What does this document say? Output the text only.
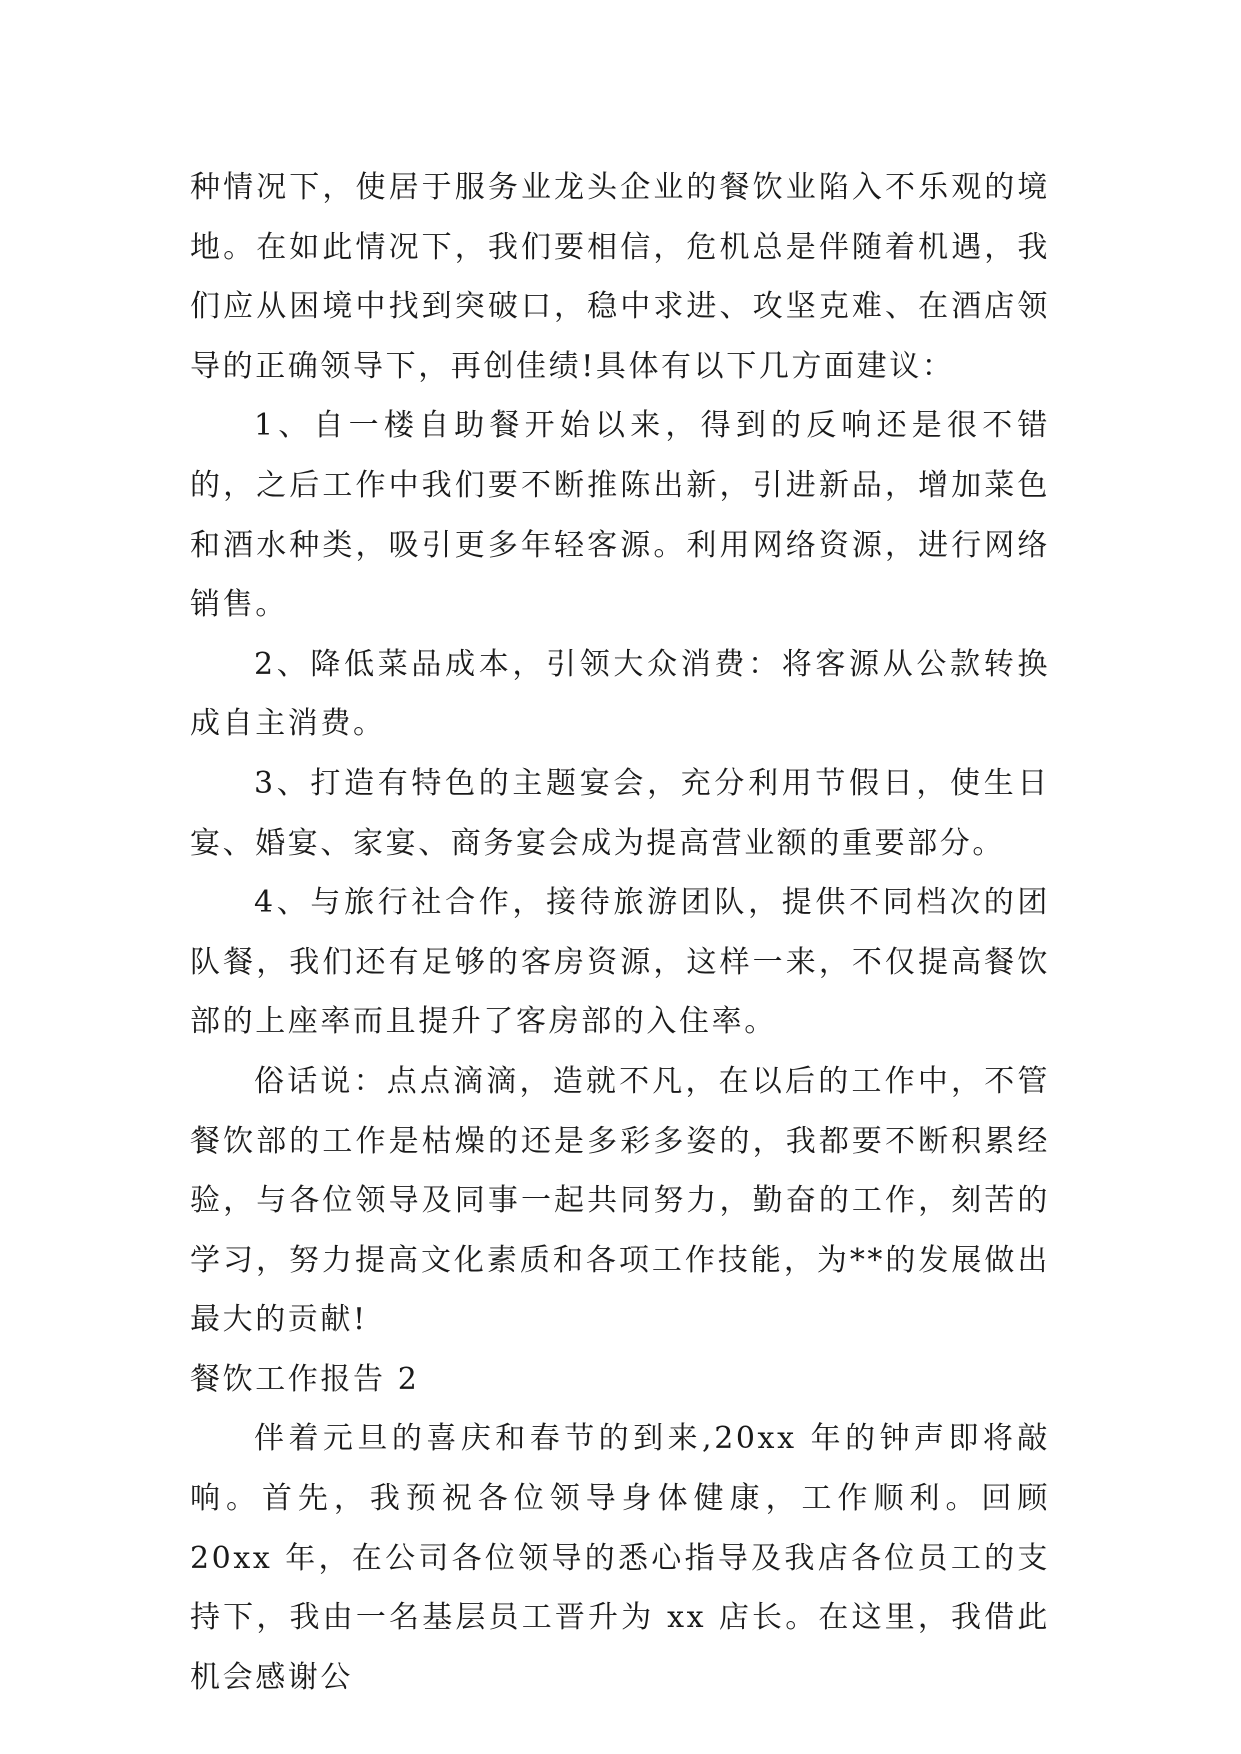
种情况下，使居于服务业龙头企业的餐饮业陷入不乐观的境地。在如此情况下，我们要相信，危机总是伴随着机遇，我们应从困境中找到突破口，稳中求进、攻坚克难、在酒店领导的正确领导下，再创佳绩!具体有以下几方面建议：

1、自一楼自助餐开始以来，得到的反响还是很不错的，之后工作中我们要不断推陈出新，引进新品，增加菜色和酒水种类，吸引更多年轻客源。利用网络资源，进行网络销售。

2、降低菜品成本，引领大众消费：将客源从公款转换成自主消费。

3、打造有特色的主题宴会，充分利用节假日，使生日宴、婚宴、家宴、商务宴会成为提高营业额的重要部分。

4、与旅行社合作，接待旅游团队，提供不同档次的团队餐，我们还有足够的客房资源，这样一来，不仅提高餐饮部的上座率而且提升了客房部的入住率。

俗话说：点点滴滴，造就不凡，在以后的工作中，不管餐饮部的工作是枯燥的还是多彩多姿的，我都要不断积累经验，与各位领导及同事一起共同努力，勤奋的工作，刻苦的学习，努力提高文化素质和各项工作技能，为**的发展做出最大的贡献!

餐饮工作报告 2

伴着元旦的喜庆和春节的到来,20xx 年的钟声即将敲响。首先，我预祝各位领导身体健康，工作顺利。回顾 20xx 年，在公司各位领导的悉心指导及我店各位员工的支持下，我由一名基层员工晋升为 xx 店长。在这里，我借此机会感谢公
